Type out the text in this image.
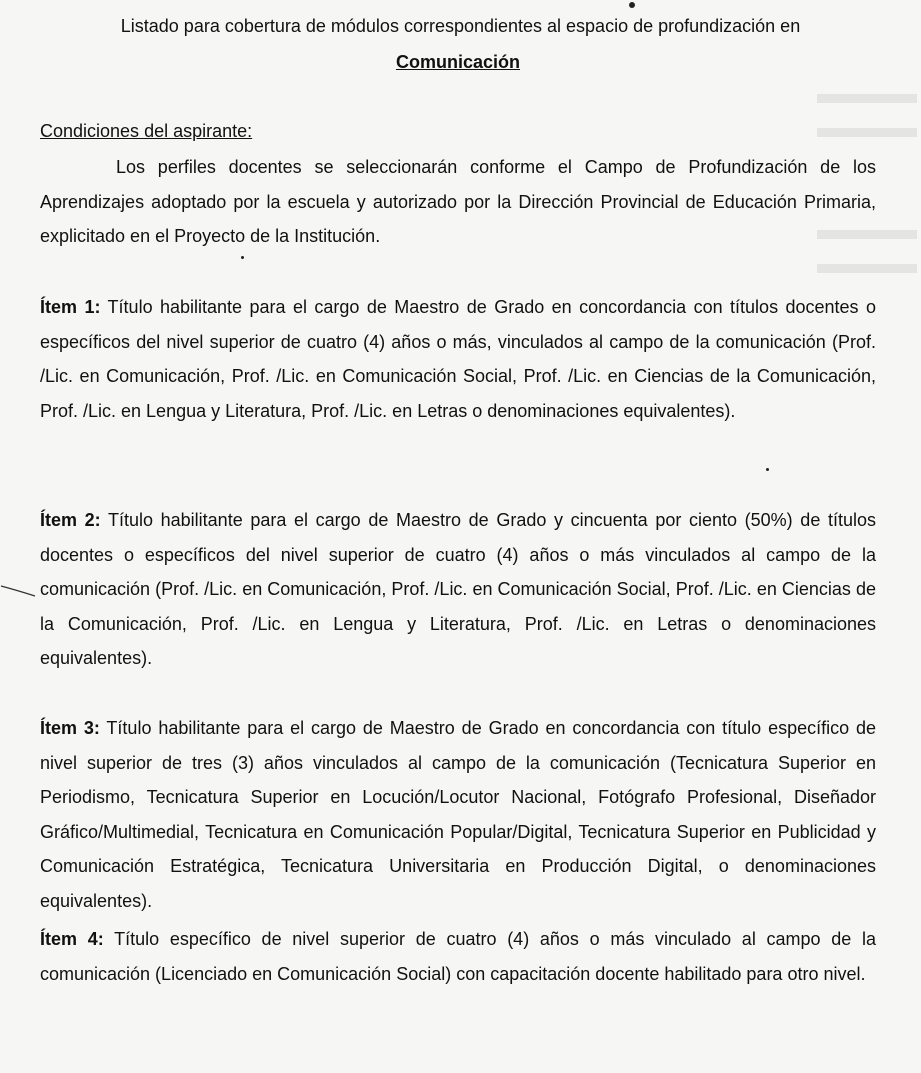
Listado para cobertura de módulos correspondientes al espacio de profundización en
Comunicación

Condiciones del aspirante:

Los perfiles docentes se seleccionarán conforme el Campo de Profundización de los Aprendizajes adoptado por la escuela y autorizado por la Dirección Provincial de Educación Primaria, explicitado en el Proyecto de la Institución.

Ítem 1: Título habilitante para el cargo de Maestro de Grado en concordancia con títulos docentes o específicos del nivel superior de cuatro (4) años o más, vinculados al campo de la comunicación (Prof. /Lic. en Comunicación, Prof. /Lic. en Comunicación Social, Prof. /Lic. en Ciencias de la Comunicación, Prof. /Lic. en Lengua y Literatura, Prof. /Lic. en Letras o denominaciones equivalentes).

Ítem 2: Título habilitante para el cargo de Maestro de Grado y cincuenta por ciento (50%) de títulos docentes o específicos del nivel superior de cuatro (4) años o más vinculados al campo de la comunicación (Prof. /Lic. en Comunicación, Prof. /Lic. en Comunicación Social, Prof. /Lic. en Ciencias de la Comunicación, Prof. /Lic. en Lengua y Literatura, Prof. /Lic. en Letras o denominaciones equivalentes).

Ítem 3: Título habilitante para el cargo de Maestro de Grado en concordancia con título específico de nivel superior de tres (3) años vinculados al campo de la comunicación (Tecnicatura Superior en Periodismo, Tecnicatura Superior en Locución/Locutor Nacional, Fotógrafo Profesional, Diseñador Gráfico/Multimedial, Tecnicatura en Comunicación Popular/Digital, Tecnicatura Superior en Publicidad y Comunicación Estratégica, Tecnicatura Universitaria en Producción Digital, o denominaciones equivalentes).

Ítem 4: Título específico de nivel superior de cuatro (4) años o más vinculado al campo de la comunicación (Licenciado en Comunicación Social) con capacitación docente habilitado para otro nivel.
